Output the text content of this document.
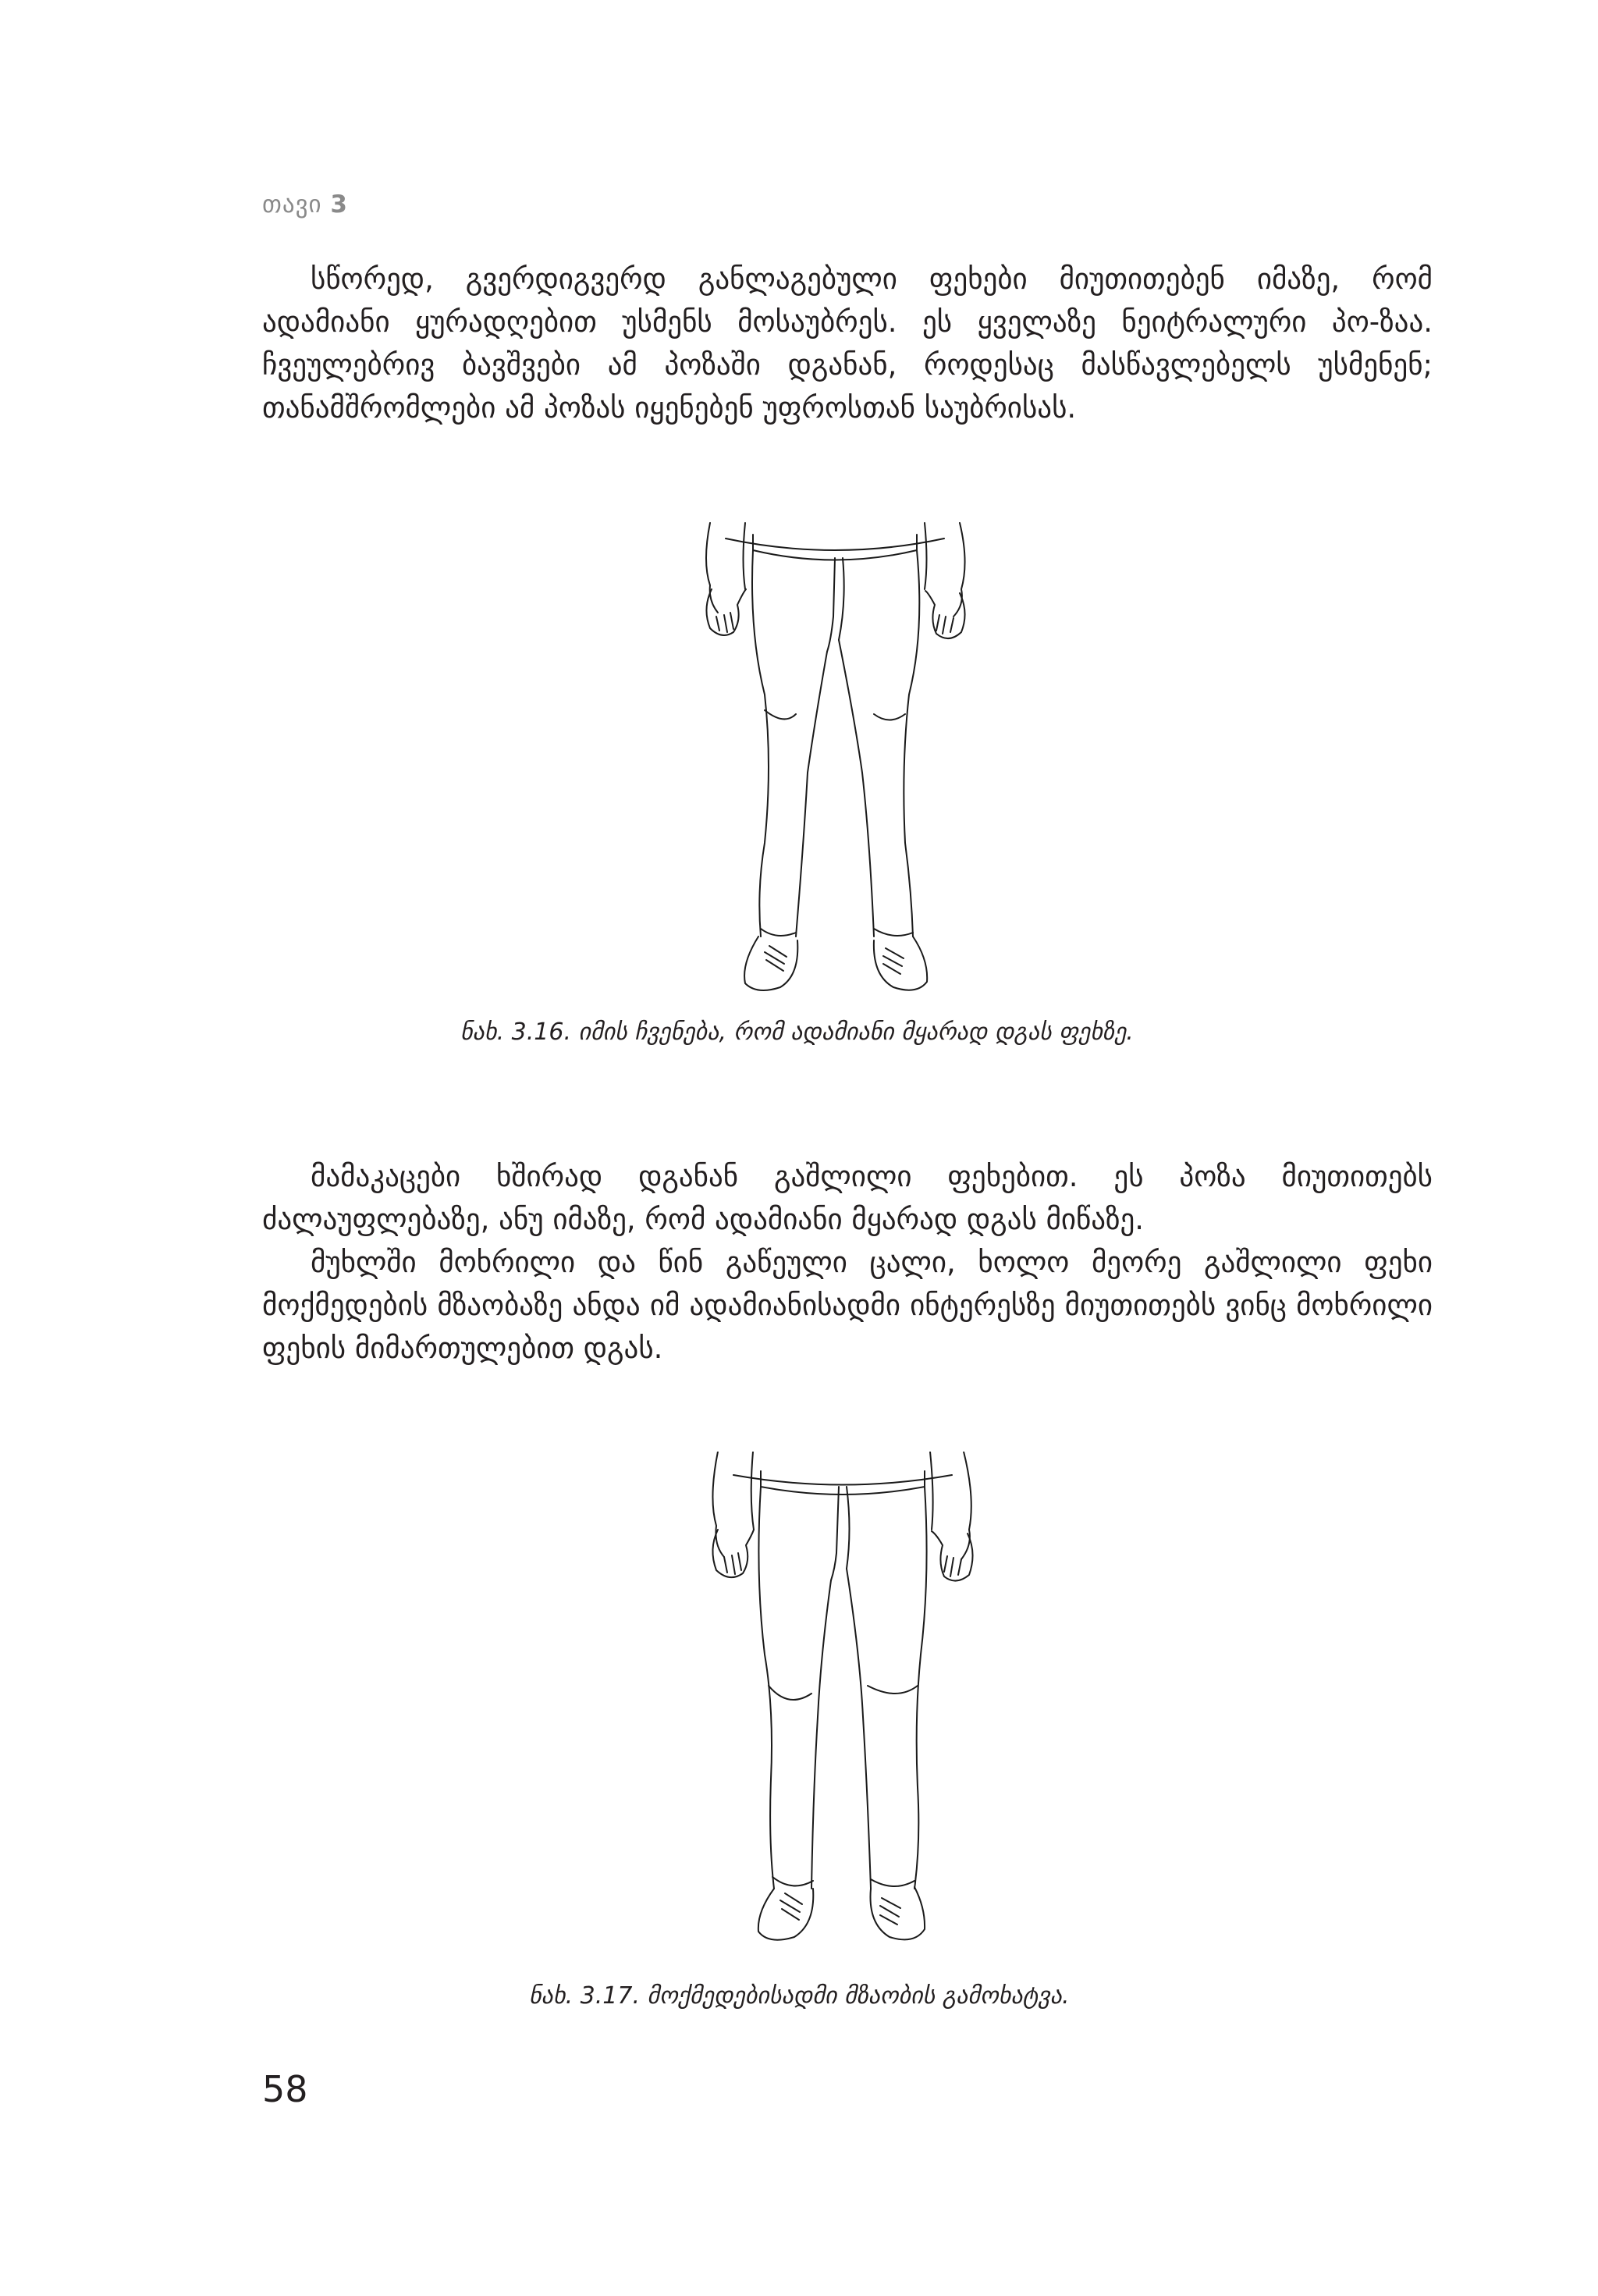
თავი 3

სწორედ, გვერდიგვერდ განლაგებული ფეხები მიუთითებენ იმაზე, რომ ადამიანი ყურადღებით უსმენს მოსაუბრეს. ეს ყველაზე ნეიტრალური პო-ზაა. ჩვეულებრივ ბავშვები ამ პოზაში დგანან, როდესაც მასწავლებელს უსმენენ; თანამშრომლები ამ პოზას იყენებენ უფროსთან საუბრისას.

ნახ. 3.16. იმის ჩვენება, რომ ადამიანი მყარად დგას ფეხზე.

მამაკაცები ხშირად დგანან გაშლილი ფეხებით. ეს პოზა მიუთითებს ძალაუფლებაზე, ანუ იმაზე, რომ ადამიანი მყარად დგას მიწაზე.

მუხლში მოხრილი და წინ გაწეული ცალი, ხოლო მეორე გაშლილი ფეხი მოქმედების მზაობაზე ანდა იმ ადამიანისადმი ინტერესზე მიუთითებს ვინც მოხრილი ფეხის მიმართულებით დგას.

ნახ. 3.17. მოქმედებისადმი მზაობის გამოხატვა.
58
